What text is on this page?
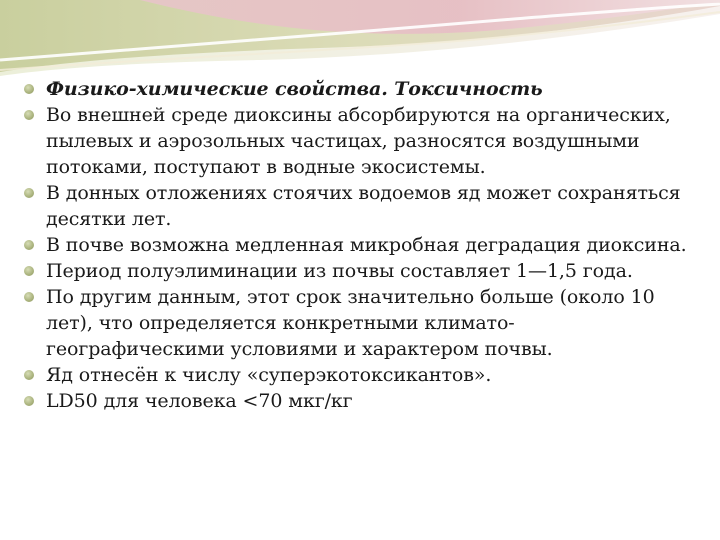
Физико-химические свойства. Токсичность
Во внешней среде диоксины абсорбируются на органических, пылевых и аэрозольных частицах, разносятся воздушными потоками, поступают в водные экосистемы.
В донных отложениях стоячих водоемов яд может сохраняться десятки лет.
В почве возможна медленная микробная деградация диоксина.
Период полуэлиминации из почвы составляет 1—1,5 года.
По другим данным, этот срок значительно больше (около 10 лет), что определяется конкретными климато-географическими условиями и характером почвы.
Яд отнесён к числу «суперэкотоксикантов».
LD50 для человека <70 мкг/кг
